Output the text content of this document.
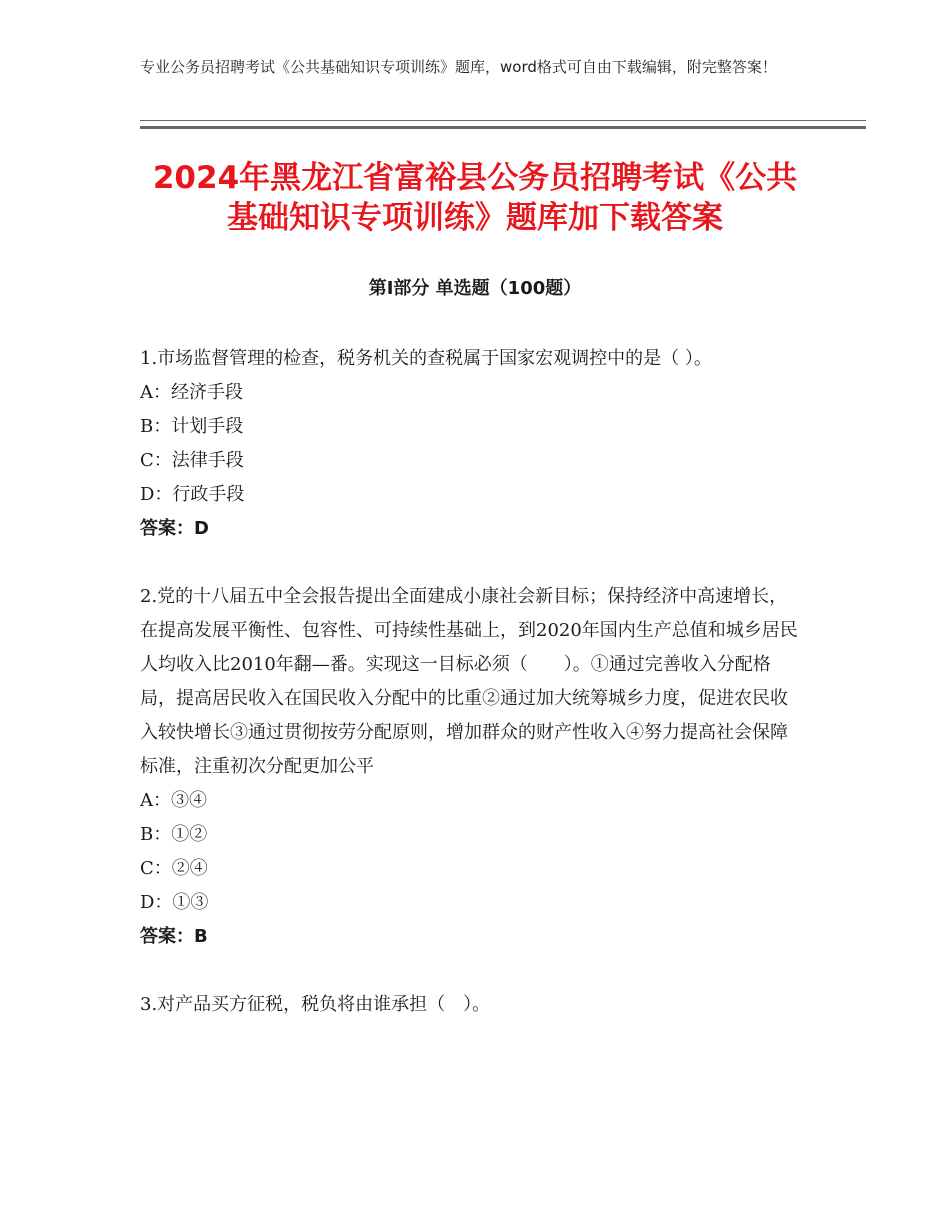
专业公务员招聘考试《公共基础知识专项训练》题库，word格式可自由下载编辑，附完整答案！
2024年黑龙江省富裕县公务员招聘考试《公共基础知识专项训练》题库加下载答案
第Ⅰ部分 单选题（100题）

1.市场监督管理的检查，税务机关的查税属于国家宏观调控中的是（ ）。

A：经济手段

B：计划手段

C：法律手段

D：行政手段

答案：D

2.党的十八届五中全会报告提出全面建成小康社会新目标；保持经济中高速增长，在提高发展平衡性、包容性、可持续性基础上，到2020年国内生产总值和城乡居民人均收入比2010年翻—番。实现这一目标必须（　　）。①通过完善收入分配格局，提高居民收入在国民收入分配中的比重②通过加大统筹城乡力度，促进农民收入较快增长③通过贯彻按劳分配原则，增加群众的财产性收入④努力提高社会保障标准，注重初次分配更加公平

A：③④

B：①②

C：②④

D：①③

答案：B

3.对产品买方征税，税负将由谁承担（　）。
